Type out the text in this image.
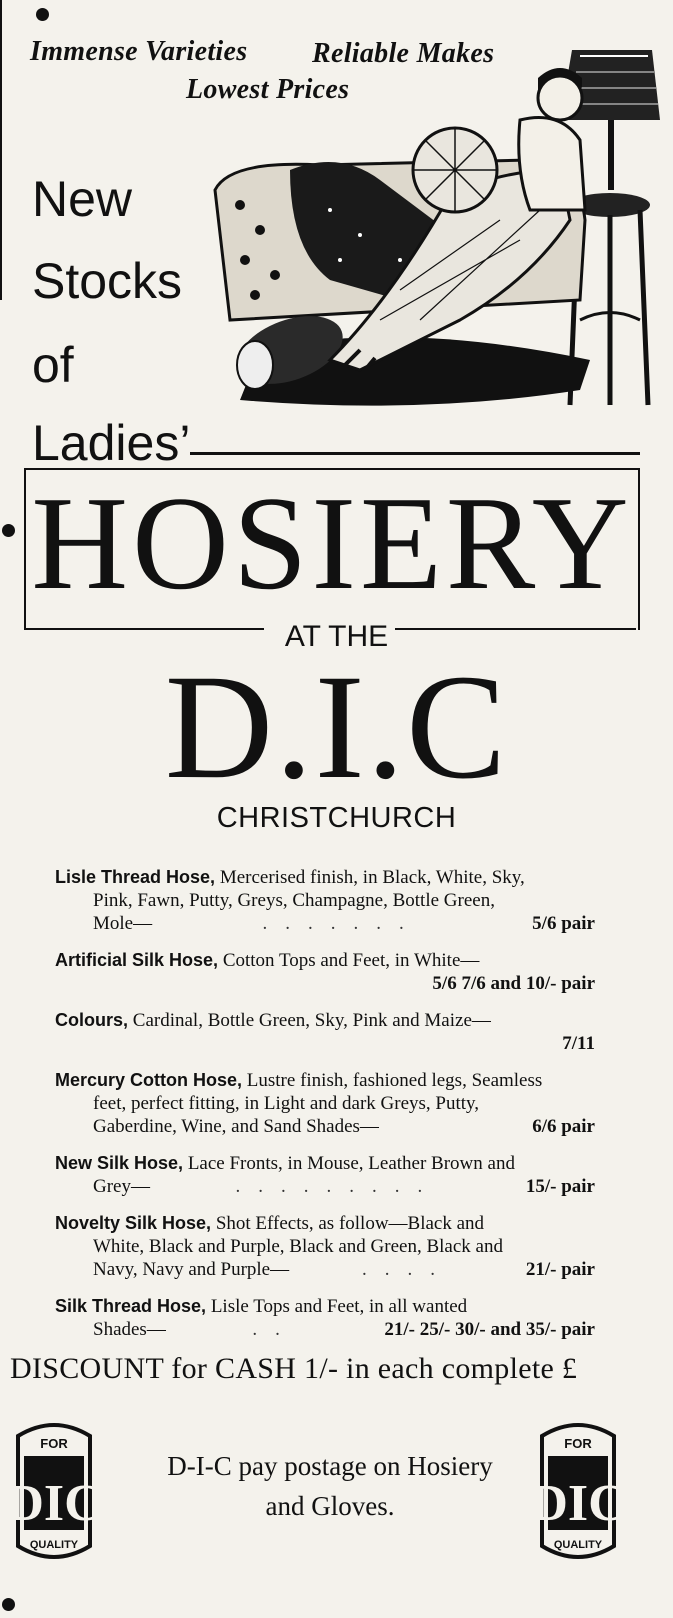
Immense Varieties Reliable Makes
Lowest Prices
New
Stocks
of
Ladies’
HOSIERY
AT THE
D.I.C
CHRISTCHURCH
Lisle Thread Hose, Mercerised finish, in Black, White, Sky,
Pink, Fawn, Putty, Greys, Champagne, Bottle Green,
Mole—	.......	5/6 pair
Artificial Silk Hose, Cotton Tops and Feet, in White—
5/6 7/6 and 10/- pair
Colours, Cardinal, Bottle Green, Sky, Pink and Maize—
7/11
Mercury Cotton Hose, Lustre finish, fashioned legs, Seamless
feet, perfect fitting, in Light and dark Greys, Putty,
Gaberdine, Wine, and Sand Shades—	6/6 pair
New Silk Hose, Lace Fronts, in Mouse, Leather Brown and
Grey—	.........	15/- pair
Novelty Silk Hose, Shot Effects, as follow—Black and
White, Black and Purple, Black and Green, Black and
Navy, Navy and Purple—	....	21/- pair
Silk Thread Hose, Lisle Tops and Feet, in all wanted
Shades—	..	21/- 25/- 30/- and 35/- pair
DISCOUNT for CASH 1/- in each complete £
FOR
DIC
QUALITY
D-I-C pay postage on Hosiery
and Gloves.
FOR
DIC
QUALITY
